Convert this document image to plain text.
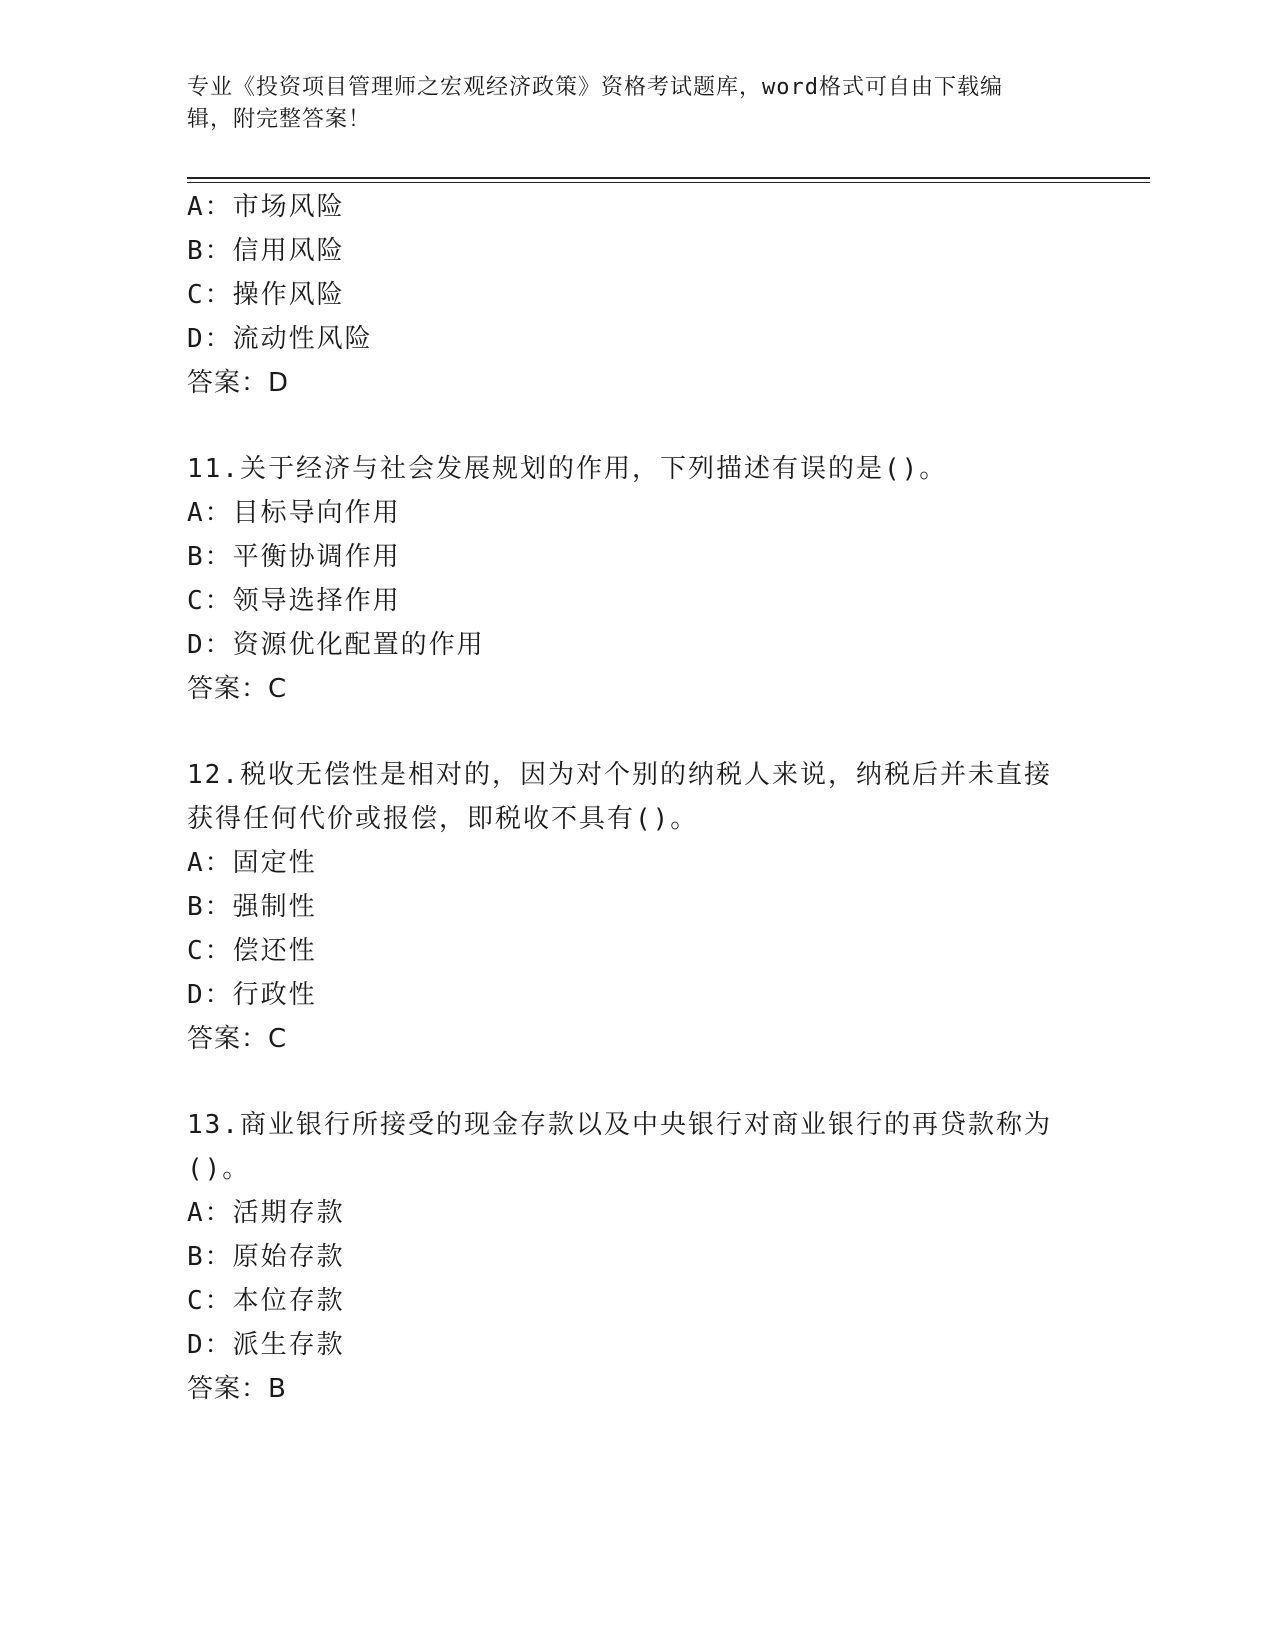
专业《投资项目管理师之宏观经济政策》资格考试题库，word格式可自由下载编
辑，附完整答案！
A：市场风险
B：信用风险
C：操作风险
D：流动性风险
答案：D
11.关于经济与社会发展规划的作用，下列描述有误的是()。
A：目标导向作用
B：平衡协调作用
C：领导选择作用
D：资源优化配置的作用
答案：C
12.税收无偿性是相对的，因为对个别的纳税人来说，纳税后并未直接
获得任何代价或报偿，即税收不具有()。
A：固定性
B：强制性
C：偿还性
D：行政性
答案：C
13.商业银行所接受的现金存款以及中央银行对商业银行的再贷款称为
()。
A：活期存款
B：原始存款
C：本位存款
D：派生存款
答案：B
